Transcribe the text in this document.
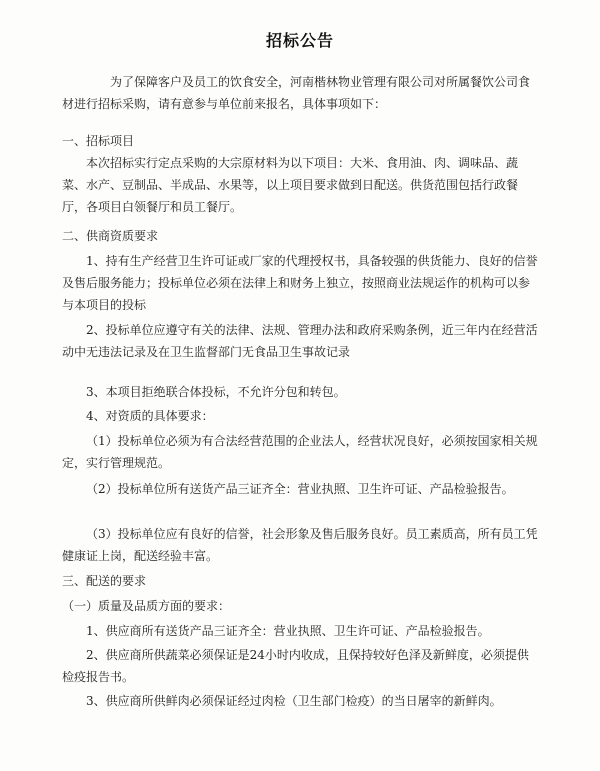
招标公告

为了保障客户及员工的饮食安全，河南楷林物业管理有限公司对所属餐饮公司食材进行招标采购，请有意参与单位前来报名，具体事项如下：

一、招标项目

本次招标实行定点采购的大宗原材料为以下项目：大米、食用油、肉、调味品、蔬菜、水产、豆制品、半成品、水果等，以上项目要求做到日配送。供货范围包括行政餐厅，各项目白领餐厅和员工餐厅。

二、供商资质要求

1、持有生产经营卫生许可证或厂家的代理授权书，具备较强的供货能力、良好的信誉及售后服务能力；投标单位必须在法律上和财务上独立，按照商业法规运作的机构可以参与本项目的投标

2、投标单位应遵守有关的法律、法规、管理办法和政府采购条例，近三年内在经营活动中无违法记录及在卫生监督部门无食品卫生事故记录

3、本项目拒绝联合体投标，不允许分包和转包。

4、对资质的具体要求：

（1）投标单位必须为有合法经营范围的企业法人，经营状况良好，必须按国家相关规定，实行管理规范。

（2）投标单位所有送货产品三证齐全：营业执照、卫生许可证、产品检验报告。

（3）投标单位应有良好的信誉，社会形象及售后服务良好。员工素质高，所有员工凭健康证上岗，配送经验丰富。

三、配送的要求

（一）质量及品质方面的要求：

1、供应商所有送货产品三证齐全：营业执照、卫生许可证、产品检验报告。

2、供应商所供蔬菜必须保证是24小时内收成，且保持较好色泽及新鲜度，必须提供检疫报告书。

3、供应商所供鲜肉必须保证经过肉检（卫生部门检疫）的当日屠宰的新鲜肉。
